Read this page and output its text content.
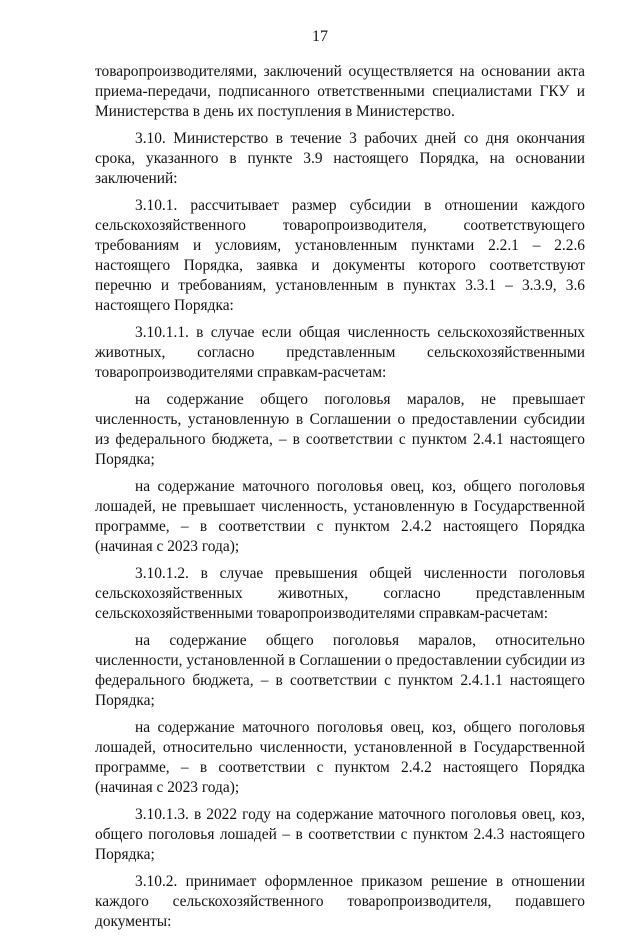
17

товаропроизводителями, заключений осуществляется на основании акта приема-передачи, подписанного ответственными специалистами ГКУ и Министерства в день их поступления в Министерство.

3.10. Министерство в течение 3 рабочих дней со дня окончания срока, указанного в пункте 3.9 настоящего Порядка, на основании заключений:

3.10.1. рассчитывает размер субсидии в отношении каждого сельскохозяйственного товаропроизводителя, соответствующего требованиям и условиям, установленным пунктами 2.2.1 – 2.2.6 настоящего Порядка, заявка и документы которого соответствуют перечню и требованиям, установленным в пунктах 3.3.1 – 3.3.9, 3.6 настоящего Порядка:

3.10.1.1. в случае если общая численность сельскохозяйственных животных, согласно представленным сельскохозяйственными товаропроизводителями справкам-расчетам:

на содержание общего поголовья маралов, не превышает численность, установленную в Соглашении о предоставлении субсидии из федерального бюджета, – в соответствии с пунктом 2.4.1 настоящего Порядка;

на содержание маточного поголовья овец, коз, общего поголовья лошадей, не превышает численность, установленную в Государственной программе, – в соответствии с пунктом 2.4.2 настоящего Порядка (начиная с 2023 года);

3.10.1.2. в случае превышения общей численности поголовья сельскохозяйственных животных, согласно представленным сельскохозяйственными товаропроизводителями справкам-расчетам:

на содержание общего поголовья маралов, относительно численности, установленной в Соглашении о предоставлении субсидии из федерального бюджета, – в соответствии с пунктом 2.4.1.1 настоящего Порядка;

на содержание маточного поголовья овец, коз, общего поголовья лошадей, относительно численности, установленной в Государственной программе, – в соответствии с пунктом 2.4.2 настоящего Порядка (начиная с 2023 года);

3.10.1.3. в 2022 году на содержание маточного поголовья овец, коз, общего поголовья лошадей – в соответствии с пунктом 2.4.3 настоящего Порядка;

3.10.2. принимает оформленное приказом решение в отношении каждого сельскохозяйственного товаропроизводителя, подавшего документы:
